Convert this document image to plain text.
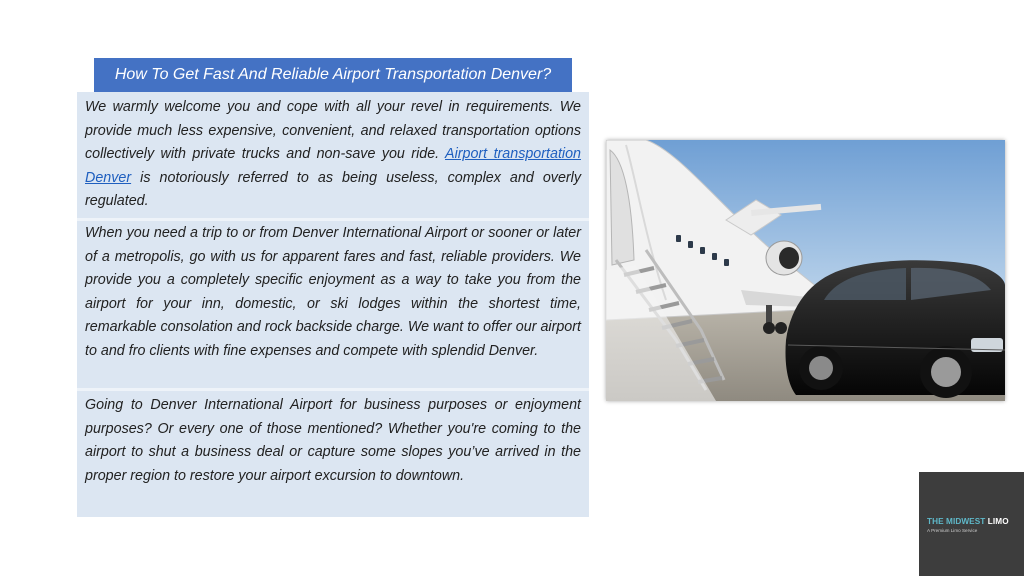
How To Get Fast And Reliable Airport Transportation Denver?

We warmly welcome you and cope with all your revel in requirements. We provide much less expensive, convenient, and relaxed transportation options collectively with private trucks and non-save you ride. Airport transportation Denver is notoriously referred to as being useless, complex and overly regulated.

When you need a trip to or from Denver International Airport or sooner or later of a metropolis, go with us for apparent fares and fast, reliable providers. We provide you a completely specific enjoyment as a way to take you from the airport for your inn, domestic, or ski lodges within the shortest time, remarkable consolation and rock backside charge. We want to offer our airport to and fro clients with fine expenses and compete with splendid Denver.

Going to Denver International Airport for business purposes or enjoyment purposes? Or every one of those mentioned? Whether you're coming to the airport to shut a business deal or capture some slopes you’ve arrived in the proper region to restore your airport excursion to downtown.

THE MIDWEST LIMO
A Premium Limo Service
